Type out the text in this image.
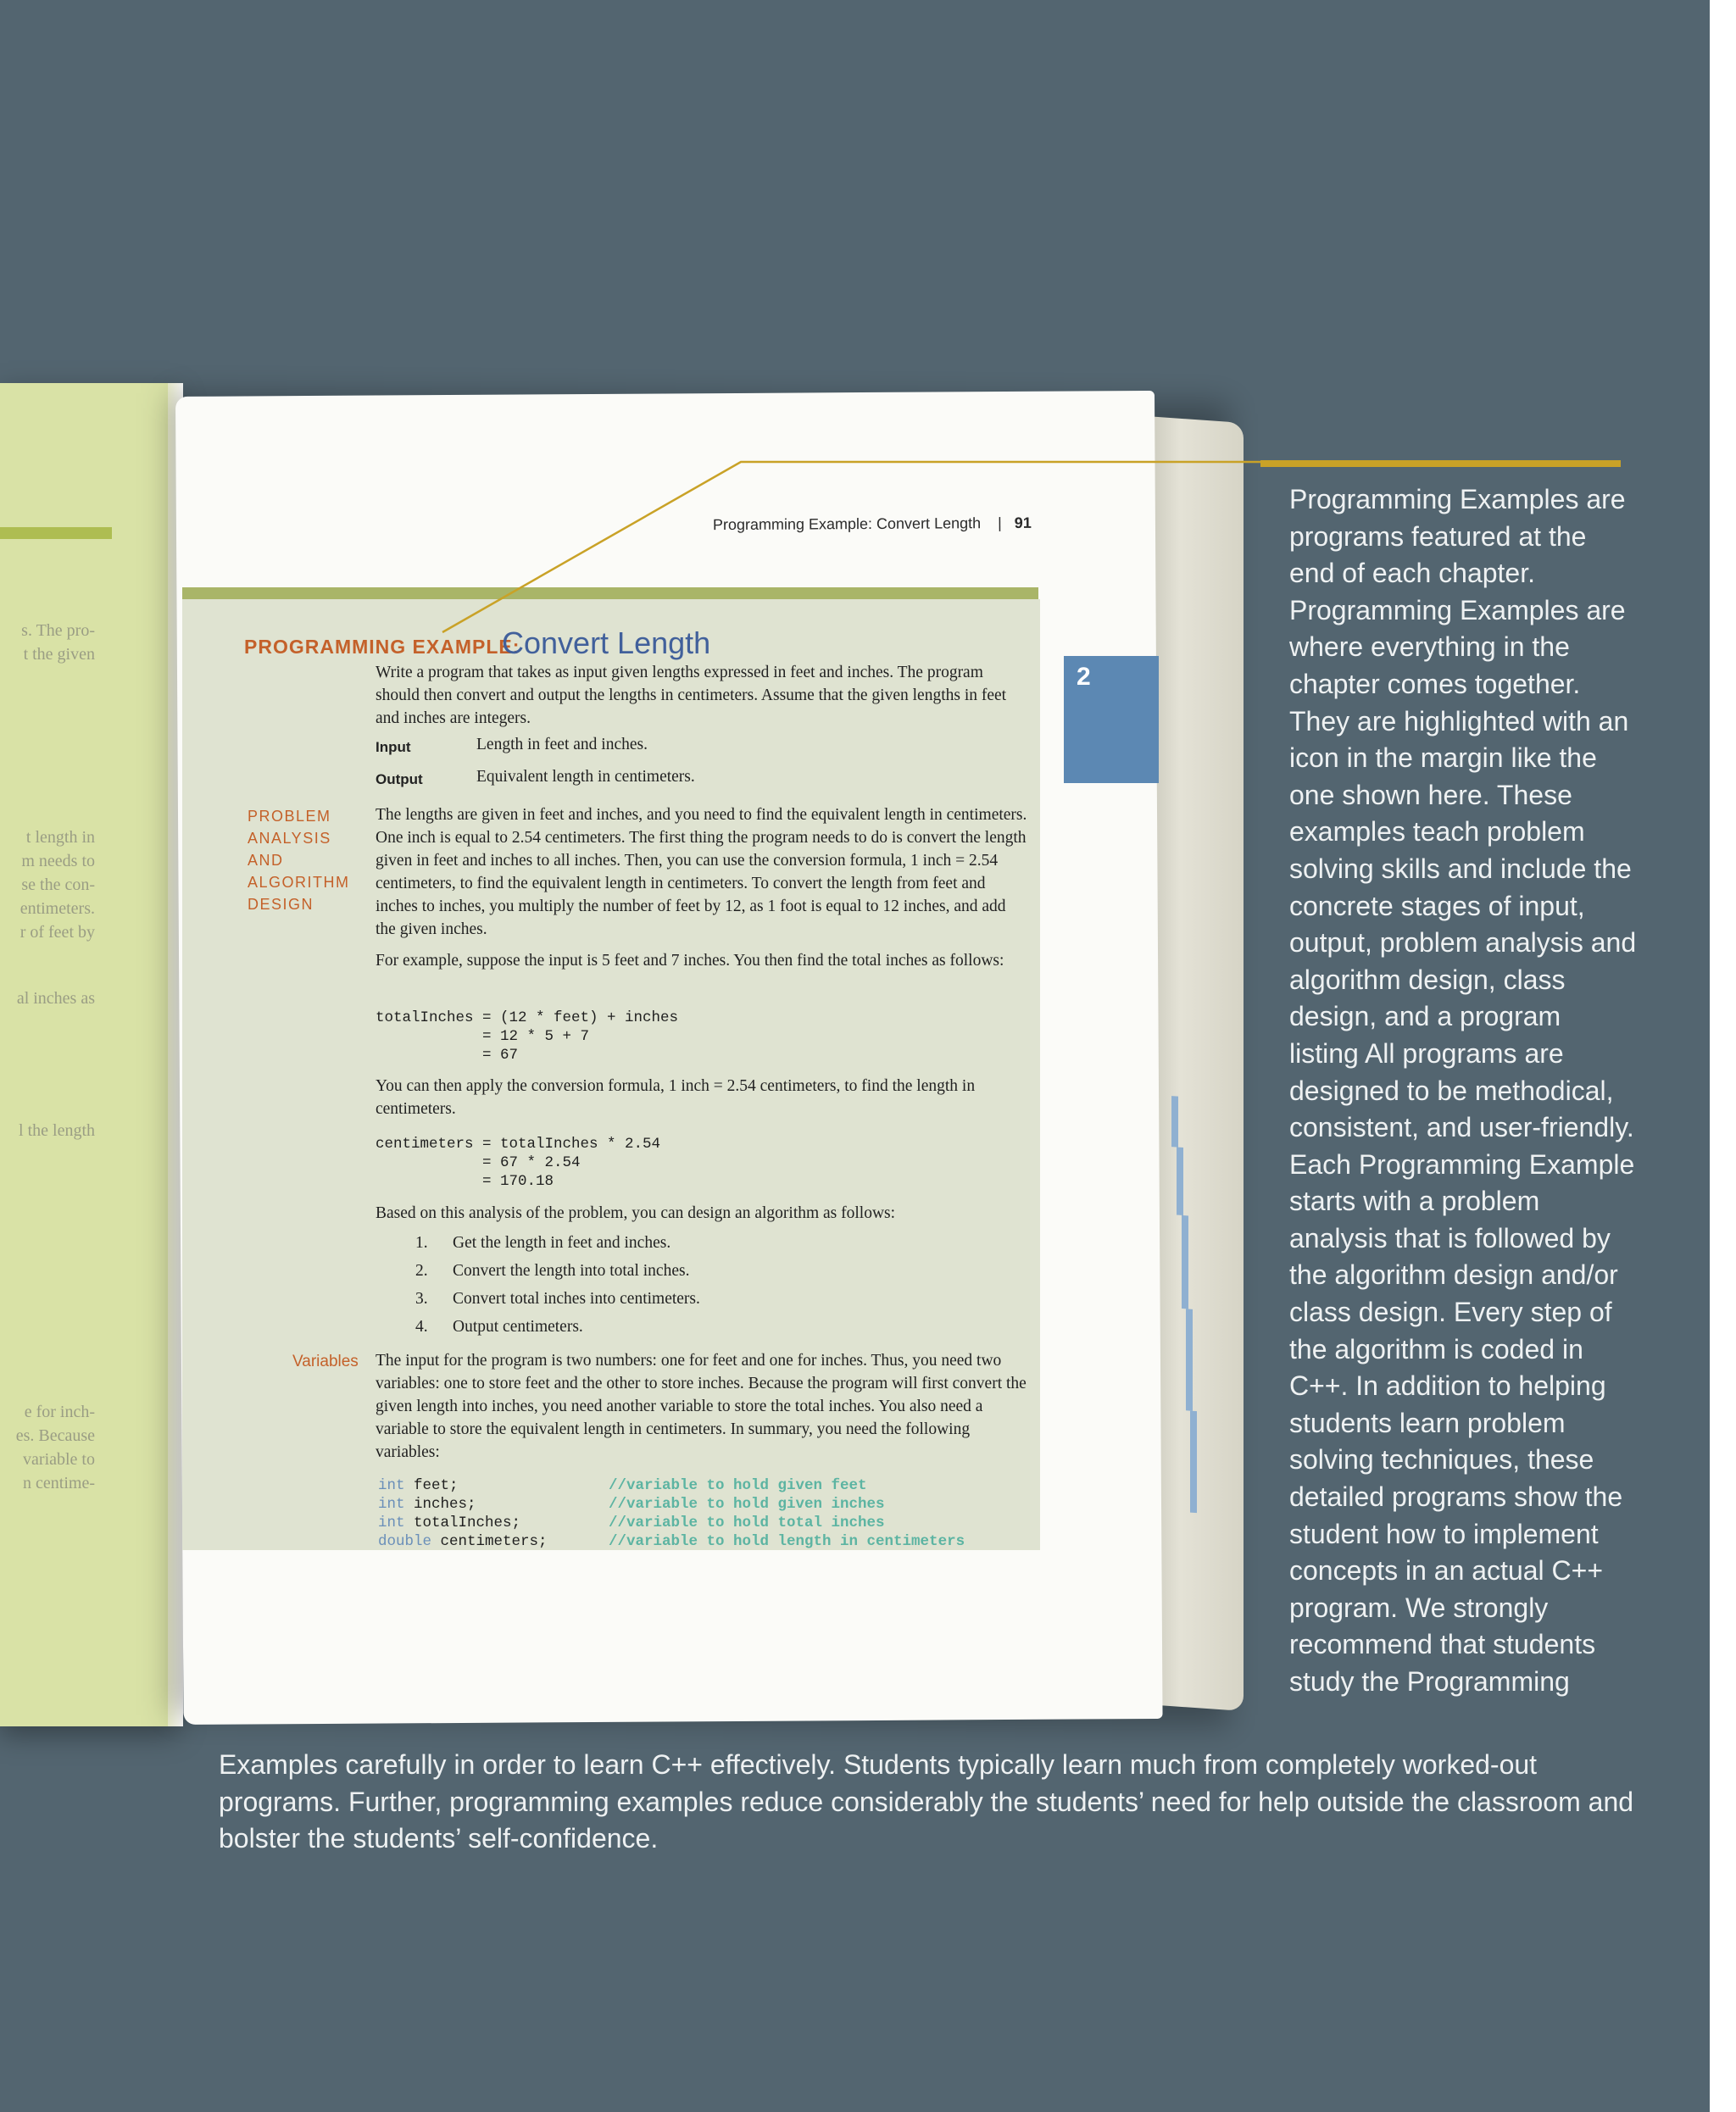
s. The pro-
t the given
t length in
m needs to
se the con-
entimeters.
r of feet by
al inches as
l the length
e for inch-
es. Because
variable to
n centime-
Programming Example: Convert Length |   91
2
PROGRAMMING EXAMPLE:
Convert Length
Write a program that takes as input given lengths expressed in feet and inches. The program should then convert and output the lengths in centimeters. Assume that the given lengths in feet and inches are integers.
Input	Length in feet and inches.
Output	Equivalent length in centimeters.
PROBLEM
ANALYSIS
AND
ALGORITHM
DESIGN
The lengths are given in feet and inches, and you need to find the equivalent length in centimeters. One inch is equal to 2.54 centimeters. The first thing the program needs to do is convert the length given in feet and inches to all inches. Then, you can use the conversion formula, 1 inch = 2.54 centimeters, to find the equivalent length in centimeters. To convert the length from feet and inches to inches, you multiply the number of feet by 12, as 1 foot is equal to 12 inches, and add the given inches.
For example, suppose the input is 5 feet and 7 inches. You then find the total inches as follows:
totalInches = (12 * feet) + inches
= 12 * 5 + 7
= 67
You can then apply the conversion formula, 1 inch = 2.54 centimeters, to find the length in centimeters.
centimeters = totalInches * 2.54
= 67 * 2.54
= 170.18
Based on this analysis of the problem, you can design an algorithm as follows:
1. Get the length in feet and inches.
2. Convert the length into total inches.
3. Convert total inches into centimeters.
4. Output centimeters.
Variables The input for the program is two numbers: one for feet and one for inches. Thus, you need two variables: one to store feet and the other to store inches. Because the program will first convert the given length into inches, you need another variable to store the total inches. You also need a variable to store the equivalent length in centimeters. In summary, you need the following variables:
int feet;	//variable to hold given feet
int inches;	//variable to hold given inches
int totalInches;	//variable to hold total inches
double centimeters;	//variable to hold length in centimeters
Programming Examples are programs featured at the end of each chapter. Programming Examples are where everything in the chapter comes together. They are highlighted with an icon in the margin like the one shown here. These examples teach problem solving skills and include the concrete stages of input, output, problem analysis and algorithm design, class design, and a program listing All programs are designed to be methodical, consistent, and user-friendly. Each Programming Example starts with a problem analysis that is followed by the algorithm design and/or class design. Every step of the algorithm is coded in C++. In addition to helping students learn problem solving techniques, these detailed programs show the student how to implement concepts in an actual C++ program. We strongly recommend that students study the Programming
Examples carefully in order to learn C++ effectively. Students typically learn much from completely worked-out programs. Further, programming examples reduce considerably the students’ need for help outside the classroom and bolster the students’ self-confidence.
